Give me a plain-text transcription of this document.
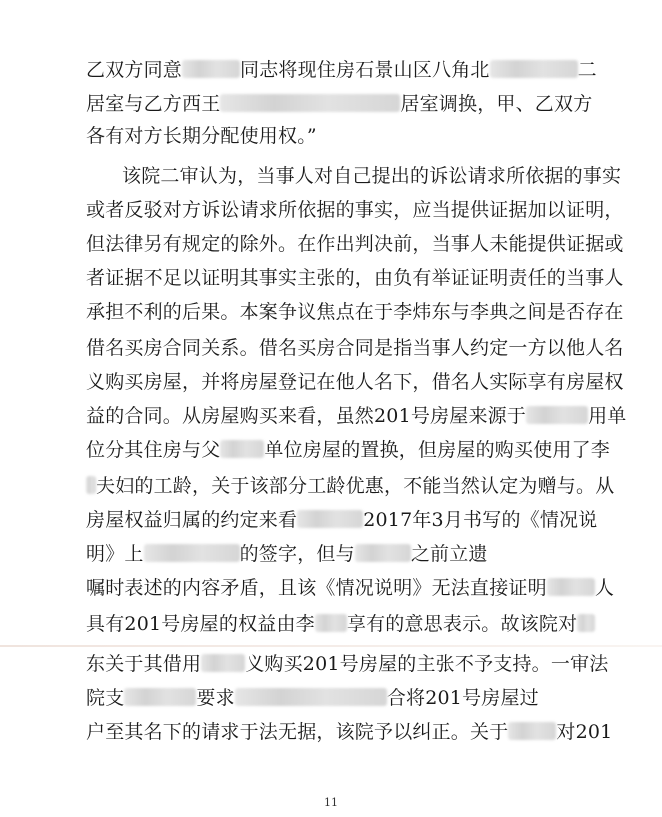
乙双方同意	同志将现住房石景山区八角北	二
居室与乙方西王	居室调换，甲、乙双方
各有对方长期分配使用权。”
该院二审认为，当事人对自己提出的诉讼请求所依据的事实
或者反驳对方诉讼请求所依据的事实，应当提供证据加以证明，
但法律另有规定的除外。在作出判决前，当事人未能提供证据或
者证据不足以证明其事实主张的，由负有举证证明责任的当事人
承担不利的后果。本案争议焦点在于李炜东与李典之间是否存在
借名买房合同关系。借名买房合同是指当事人约定一方以他人名
义购买房屋，并将房屋登记在他人名下，借名人实际享有房屋权
益的合同。从房屋购买来看，虽然201号房屋来源于	用单
位分其住房与父 单位房屋的置换，但房屋的购买使用了李
夫妇的工龄，关于该部分工龄优惠，不能当然认定为赠与。从
房屋权益归属的约定来看	2017年3月书写的《情况说
明》上	的签字，但与	之前立遗
嘱时表述的内容矛盾，且该《情况说明》无法直接证明	人
具有201号房屋的权益由李 享有的意思表示。故该院对
东关于其借用 义购买201号房屋的主张不予支持。一审法
院支	要求	合将201号房屋过
户至其名下的请求于法无据，该院予以纠正。关于	对201
11
